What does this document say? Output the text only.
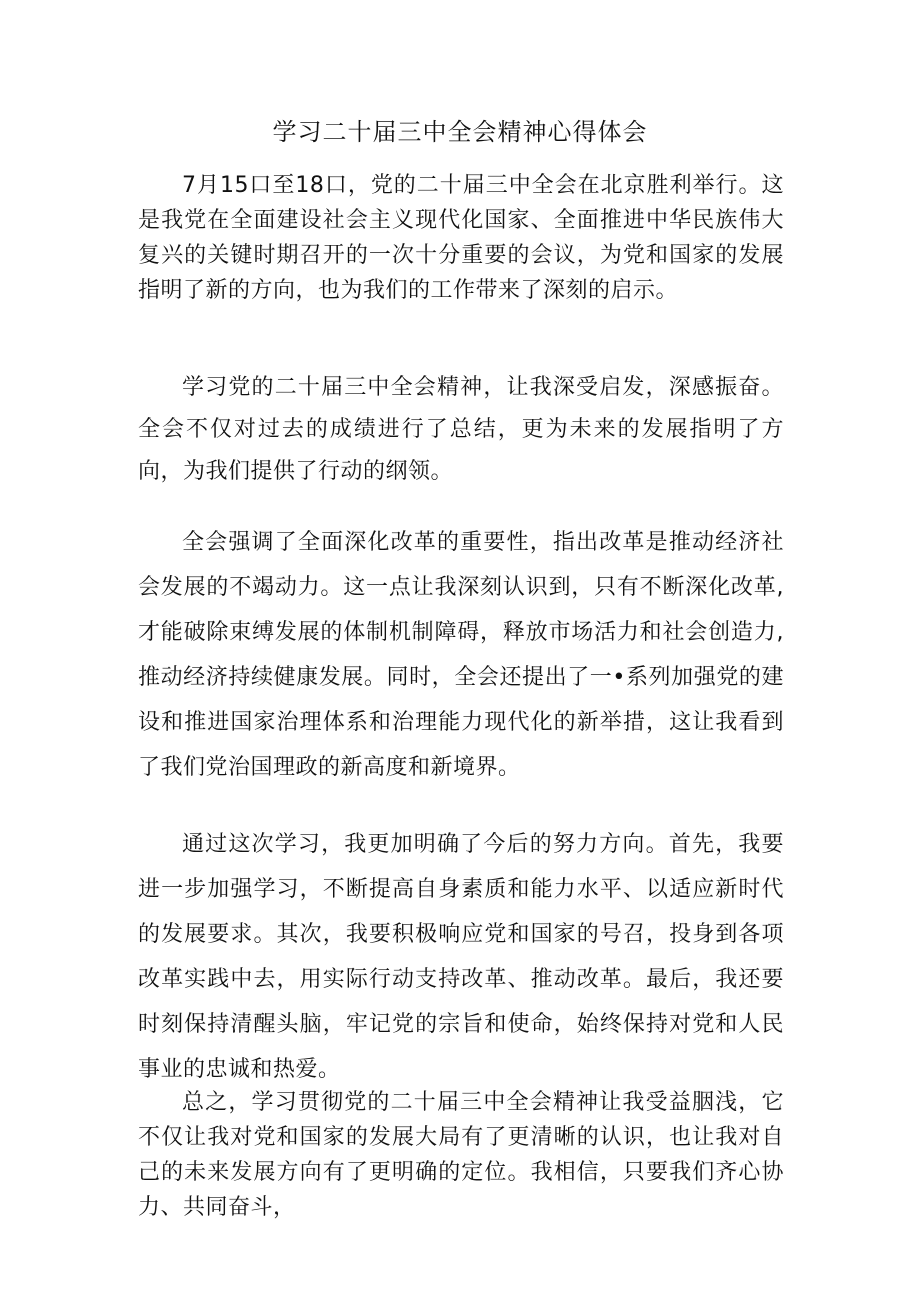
学习二十届三中全会精神心得体会

7月15口至18口，党的二十届三中全会在北京胜利举行。这是我党在全面建设社会主义现代化国家、全面推进中华民族伟大复兴的关键时期召开的一次十分重要的会议，为党和国家的发展指明了新的方向，也为我们的工作带来了深刻的启示。

学习党的二十届三中全会精神，让我深受启发，深感振奋。全会不仅对过去的成绩进行了总结，更为未来的发展指明了方向，为我们提供了行动的纲领。

全会强调了全面深化改革的重要性，指出改革是推动经济社会发展的不竭动力。这一点让我深刻认识到，只有不断深化改革,才能破除束缚发展的体制机制障碍，释放市场活力和社会创造力,推动经济持续健康发展。同时，全会还提出了一•系列加强党的建设和推进国家治理体系和治理能力现代化的新举措，这让我看到了我们党治国理政的新高度和新境界。

通过这次学习，我更加明确了今后的努力方向。首先，我要进一步加强学习，不断提高自身素质和能力水平、以适应新时代的发展要求。其次，我要积极响应党和国家的号召，投身到各项改革实践中去，用实际行动支持改革、推动改革。最后，我还要时刻保持清醒头脑，牢记党的宗旨和使命，始终保持对党和人民事业的忠诚和热爱。

总之，学习贯彻党的二十届三中全会精神让我受益胭浅，它不仅让我对党和国家的发展大局有了更清晰的认识，也让我对自己的未来发展方向有了更明确的定位。我相信，只要我们齐心协力、共同奋斗，
